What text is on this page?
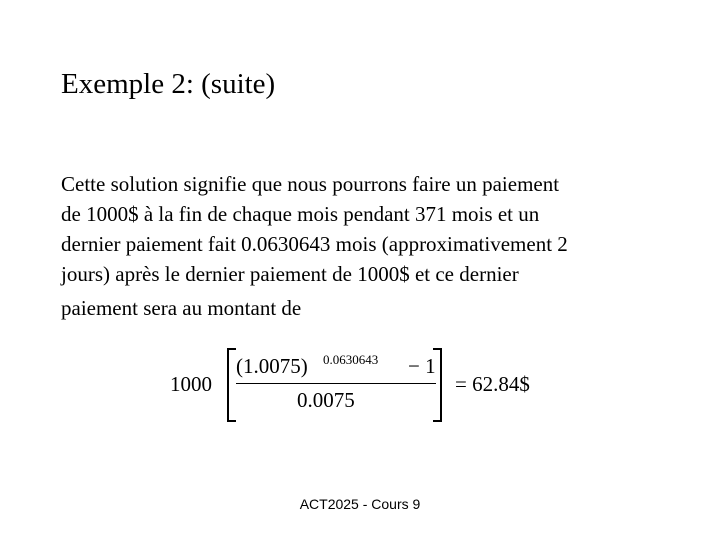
Exemple 2: (suite)
Cette solution signifie que nous pourrons faire un paiement
de 1000$ à la fin de chaque mois pendant 371 mois et un
dernier paiement fait 0.0630643 mois (approximativement 2
jours) après le dernier paiement de 1000$ et ce dernier
paiement sera au montant de
1000
(1.0075) 0.0630643 − 1
0.0075
= 62.84$
ACT2025 - Cours 9
